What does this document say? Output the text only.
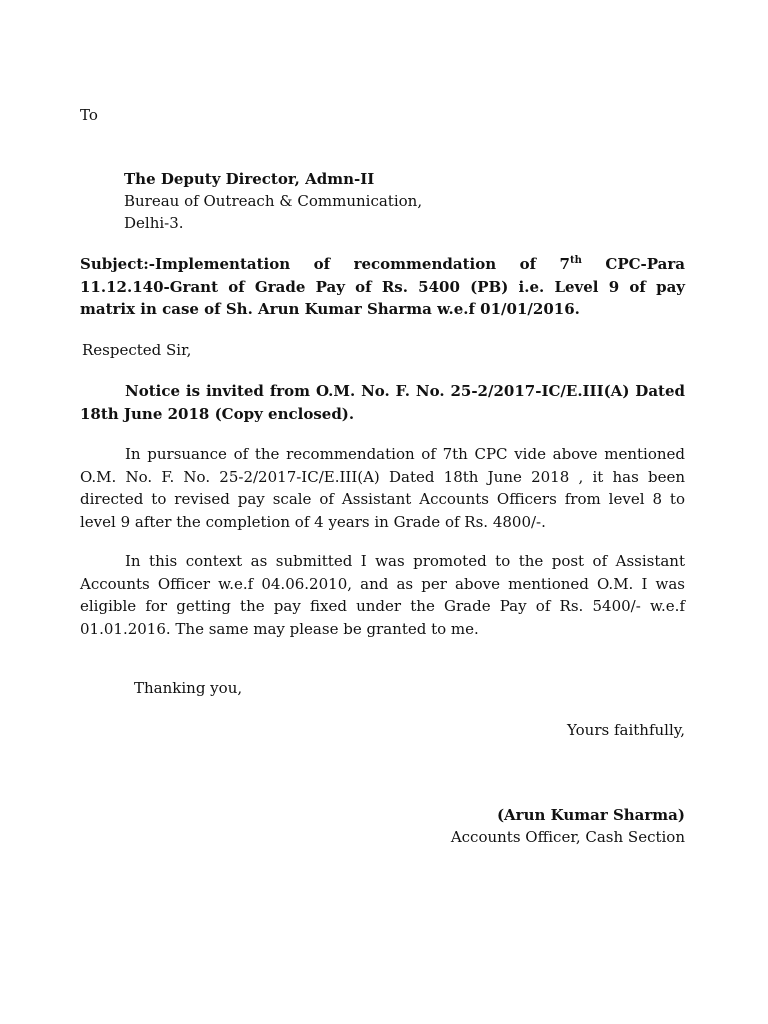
To
The Deputy Director, Admn-II
Bureau of Outreach & Communication,
Delhi-3.
Subject:-Implementation of recommendation of 7th CPC-Para 11.12.140-Grant of Grade Pay of Rs. 5400 (PB) i.e. Level 9 of pay matrix in case of Sh. Arun Kumar Sharma w.e.f 01/01/2016.
Respected Sir,

Notice is invited from O.M. No. F. No. 25-2/2017-IC/E.III(A) Dated 18th June 2018 (Copy enclosed).

In pursuance of the recommendation of 7th CPC vide above mentioned O.M. No. F. No. 25-2/2017-IC/E.III(A) Dated 18th June 2018 , it has been directed to revised pay scale of Assistant Accounts Officers from level 8 to level 9 after the completion of 4 years in Grade of Rs. 4800/-.

In this context as submitted I was promoted to the post of Assistant Accounts Officer w.e.f 04.06.2010, and as per above mentioned O.M. I was eligible for getting the pay fixed under the Grade Pay of Rs. 5400/- w.e.f 01.01.2016. The same may please be granted to me.

Thanking you,
Yours faithfully,
(Arun Kumar Sharma)
Accounts Officer, Cash Section
